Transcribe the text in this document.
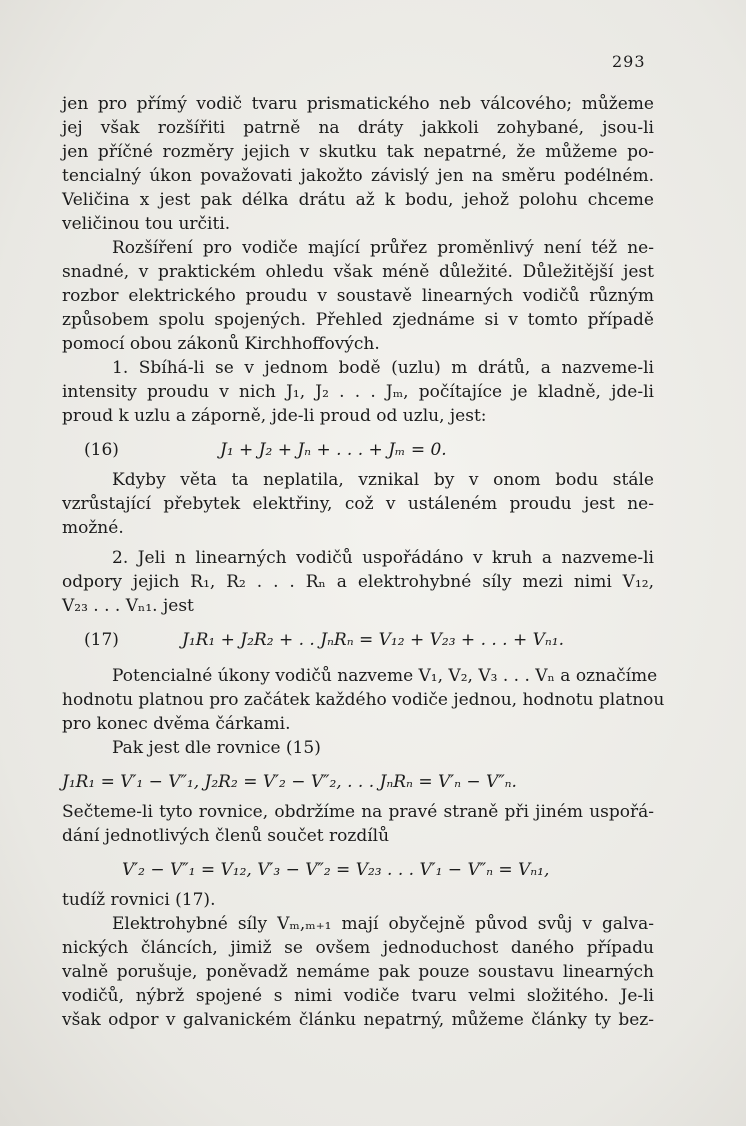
293
jen pro přímý vodič tvaru prismatického neb válcového; můžeme
jej však rozšířiti patrně na dráty jakkoli zohybané, jsou-li
jen příčné rozměry jejich v skutku tak nepatrné, že můžeme po-
tencialný úkon považovati jakožto závislý jen na směru podélném.
Veličina x jest pak délka drátu až k bodu, jehož polohu chceme
veličinou tou určiti.
Rozšíření pro vodiče mající průřez proměnlivý není též ne-
snadné, v praktickém ohledu však méně důležité. Důležitější jest
rozbor elektrického proudu v soustavě linearných vodičů různým
způsobem spolu spojených. Přehled zjednáme si v tomto případě
pomocí obou zákonů Kirchhoffových.
1. Sbíhá-li se v jednom bodě (uzlu) m drátů, a nazveme-li
intensity proudu v nich J₁, J₂ . . . Jₘ, počítajíce je kladně, jde-li
proud k uzlu a záporně, jde-li proud od uzlu, jest:
(16)	J₁ + J₂ + Jₙ + . . . + Jₘ = 0.
Kdyby věta ta neplatila, vznikal by v onom bodu stále
vzrůstající přebytek elektřiny, což v ustáleném proudu jest ne-
možné.
2. Jeli n linearných vodičů uspořádáno v kruh a nazveme-li
odpory jejich R₁, R₂ . . . Rₙ a elektrohybné síly mezi nimi V₁₂,
V₂₃ . . . Vₙ₁. jest
(17)	J₁R₁ + J₂R₂ + . . JₙRₙ = V₁₂ + V₂₃ + . . . + Vₙ₁.
Potencialné úkony vodičů nazveme V₁, V₂, V₃ . . . Vₙ a označíme
hodnotu platnou pro začátek každého vodiče jednou, hodnotu platnou
pro konec dvěma čárkami.
Pak jest dle rovnice (15)
J₁R₁ = V′₁ − V″₁, J₂R₂ = V′₂ − V″₂, . . . JₙRₙ = V′ₙ − V″ₙ.
Sečteme-li tyto rovnice, obdržíme na pravé straně při jiném uspořá-
dání jednotlivých členů součet rozdílů
V′₂ − V″₁ = V₁₂, V′₃ − V″₂ = V₂₃ . . . V′₁ − V″ₙ = Vₙ₁,
tudíž rovnici (17).
Elektrohybné síly Vₘ,ₘ₊₁ mají obyčejně původ svůj v galva-
nických článcích, jimiž se ovšem jednoduchost daného případu
valně porušuje, poněvadž nemáme pak pouze soustavu linearných
vodičů, nýbrž spojené s nimi vodiče tvaru velmi složitého. Je-li
však odpor v galvanickém článku nepatrný, můžeme články ty bez-
